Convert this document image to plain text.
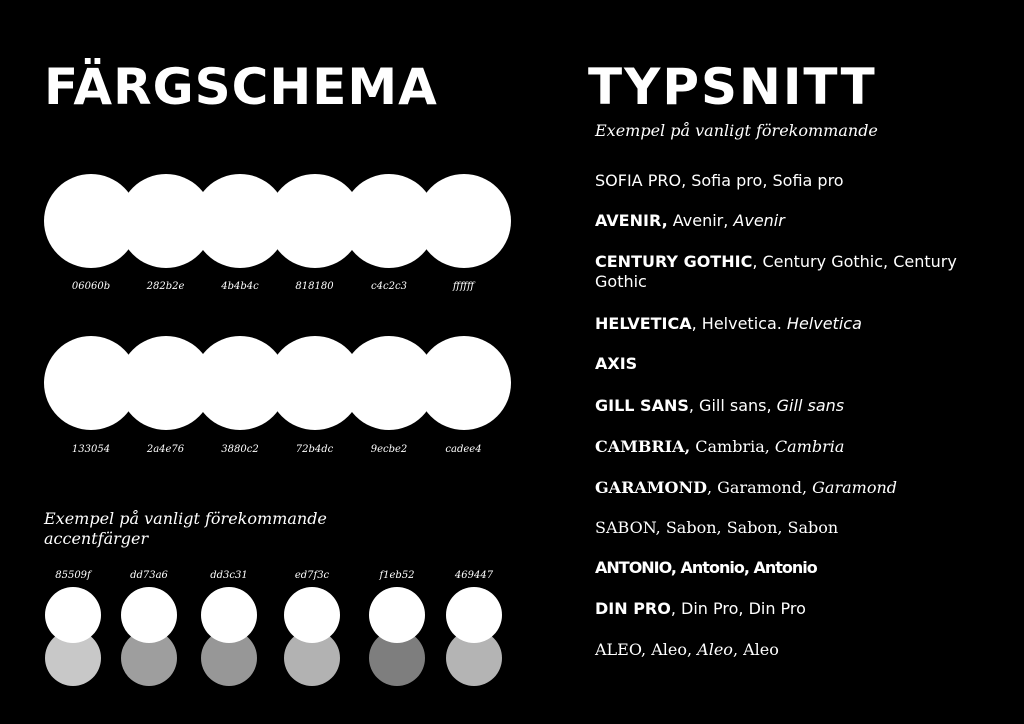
FÄRGSCHEMA	TYPSNITT
06060b	282b2e	4b4b4c	818180	c4c2c3	ffffff
133054	2a4e76	3880c2	72b4dc	9ecbe2	cadee4

Exempel på vanligt förekommande accentfärger

85509f	dd73a6	dd3c31	ed7f3c	f1eb52	469447

Exempel på vanligt förekommande

SOFIA PRO, Sofia pro, Sofia pro
AVENIR, Avenir, Avenir
CENTURY GOTHIC, Century Gothic, Century Gothic
HELVETICA, Helvetica. Helvetica
AXIS
GILL SANS, Gill sans, Gill sans
CAMBRIA, Cambria, Cambria
GARAMOND, Garamond, Garamond
SABON, Sabon, Sabon, Sabon
ANTONIO, Antonio, Antonio
DIN PRO, Din Pro, Din Pro
ALEO, Aleo, Aleo, Aleo
